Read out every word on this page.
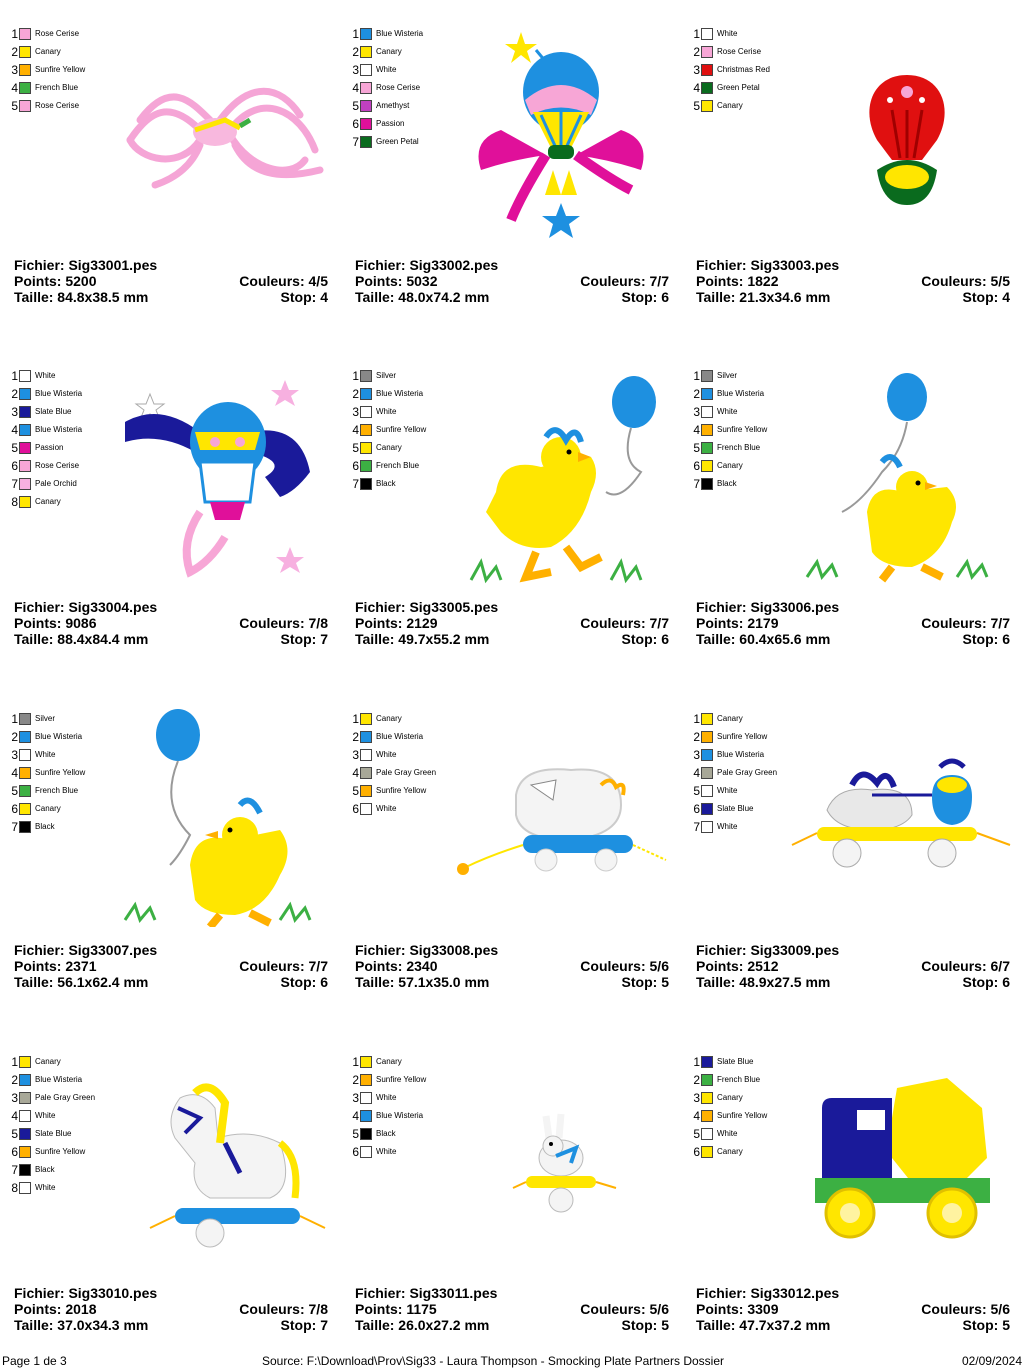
1 Rose Cerise
2 Canary
3 Sunfire Yellow
4 French Blue
5 Rose Cerise
Fichier: Sig33001.pes
Points: 5200	Couleurs: 4/5
Taille: 84.8x38.5 mm	Stop: 4
1 Blue Wisteria
2 Canary
3 White
4 Rose Cerise
5 Amethyst
6 Passion
7 Green Petal
Fichier: Sig33002.pes
Points: 5032	Couleurs: 7/7
Taille: 48.0x74.2 mm	Stop: 6
1 White
2 Rose Cerise
3 Christmas Red
4 Green Petal
5 Canary
Fichier: Sig33003.pes
Points: 1822	Couleurs: 5/5
Taille: 21.3x34.6 mm	Stop: 4
1 White
2 Blue Wisteria
3 Slate Blue
4 Blue Wisteria
5 Passion
6 Rose Cerise
7 Pale Orchid
8 Canary
Fichier: Sig33004.pes
Points: 9086	Couleurs: 7/8
Taille: 88.4x84.4 mm	Stop: 7
1 Silver
2 Blue Wisteria
3 White
4 Sunfire Yellow
5 Canary
6 French Blue
7 Black
Fichier: Sig33005.pes
Points: 2129	Couleurs: 7/7
Taille: 49.7x55.2 mm	Stop: 6
1 Silver
2 Blue Wisteria
3 White
4 Sunfire Yellow
5 French Blue
6 Canary
7 Black
Fichier: Sig33006.pes
Points: 2179	Couleurs: 7/7
Taille: 60.4x65.6 mm	Stop: 6
1 Silver
2 Blue Wisteria
3 White
4 Sunfire Yellow
5 French Blue
6 Canary
7 Black
Fichier: Sig33007.pes
Points: 2371	Couleurs: 7/7
Taille: 56.1x62.4 mm	Stop: 6
1 Canary
2 Blue Wisteria
3 White
4 Pale Gray Green
5 Sunfire Yellow
6 White
Fichier: Sig33008.pes
Points: 2340	Couleurs: 5/6
Taille: 57.1x35.0 mm	Stop: 5
1 Canary
2 Sunfire Yellow
3 Blue Wisteria
4 Pale Gray Green
5 White
6 Slate Blue
7 White
Fichier: Sig33009.pes
Points: 2512	Couleurs: 6/7
Taille: 48.9x27.5 mm	Stop: 6
1 Canary
2 Blue Wisteria
3 Pale Gray Green
4 White
5 Slate Blue
6 Sunfire Yellow
7 Black
8 White
Fichier: Sig33010.pes
Points: 2018	Couleurs: 7/8
Taille: 37.0x34.3 mm	Stop: 7
1 Canary
2 Sunfire Yellow
3 White
4 Blue Wisteria
5 Black
6 White
Fichier: Sig33011.pes
Points: 1175	Couleurs: 5/6
Taille: 26.0x27.2 mm	Stop: 5
1 Slate Blue
2 French Blue
3 Canary
4 Sunfire Yellow
5 White
6 Canary
Fichier: Sig33012.pes
Points: 3309	Couleurs: 5/6
Taille: 47.7x37.2 mm	Stop: 5
Page 1 de 3	Source: F:\Download\Prov\Sig33 - Laura Thompson - Smocking Plate Partners Dossier	02/09/2024
